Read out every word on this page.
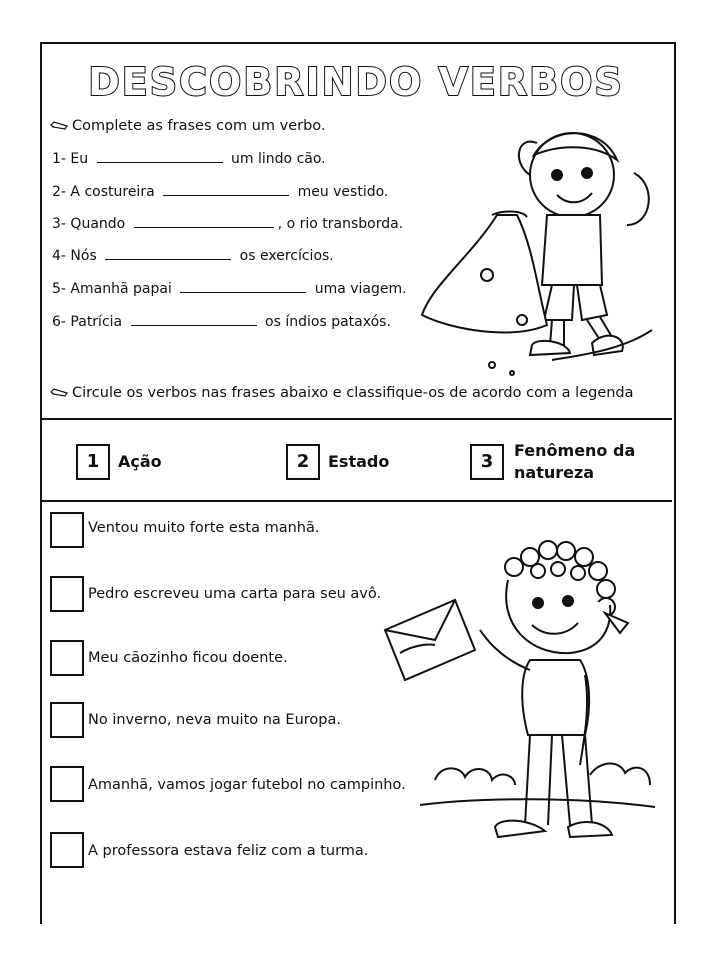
DESCOBRINDO VERBOS
Complete as frases com um verbo.
1- Eu	um lindo cão.
2- A costureira	meu vestido.
3- Quando	, o rio transborda.
4- Nós	os exercícios.
5- Amanhã papai	uma viagem.
6- Patrícia	os índios pataxós.
Circule os verbos nas frases abaixo e classifique-os de acordo com a legenda
1	Ação	2	Estado	3
Fenômeno da natureza
Ventou muito forte esta manhã.
Pedro escreveu uma carta para seu avô.
Meu cãozinho ficou doente.
No inverno, neva muito na Europa.
Amanhã, vamos jogar futebol no campinho.
A professora estava feliz com a turma.
